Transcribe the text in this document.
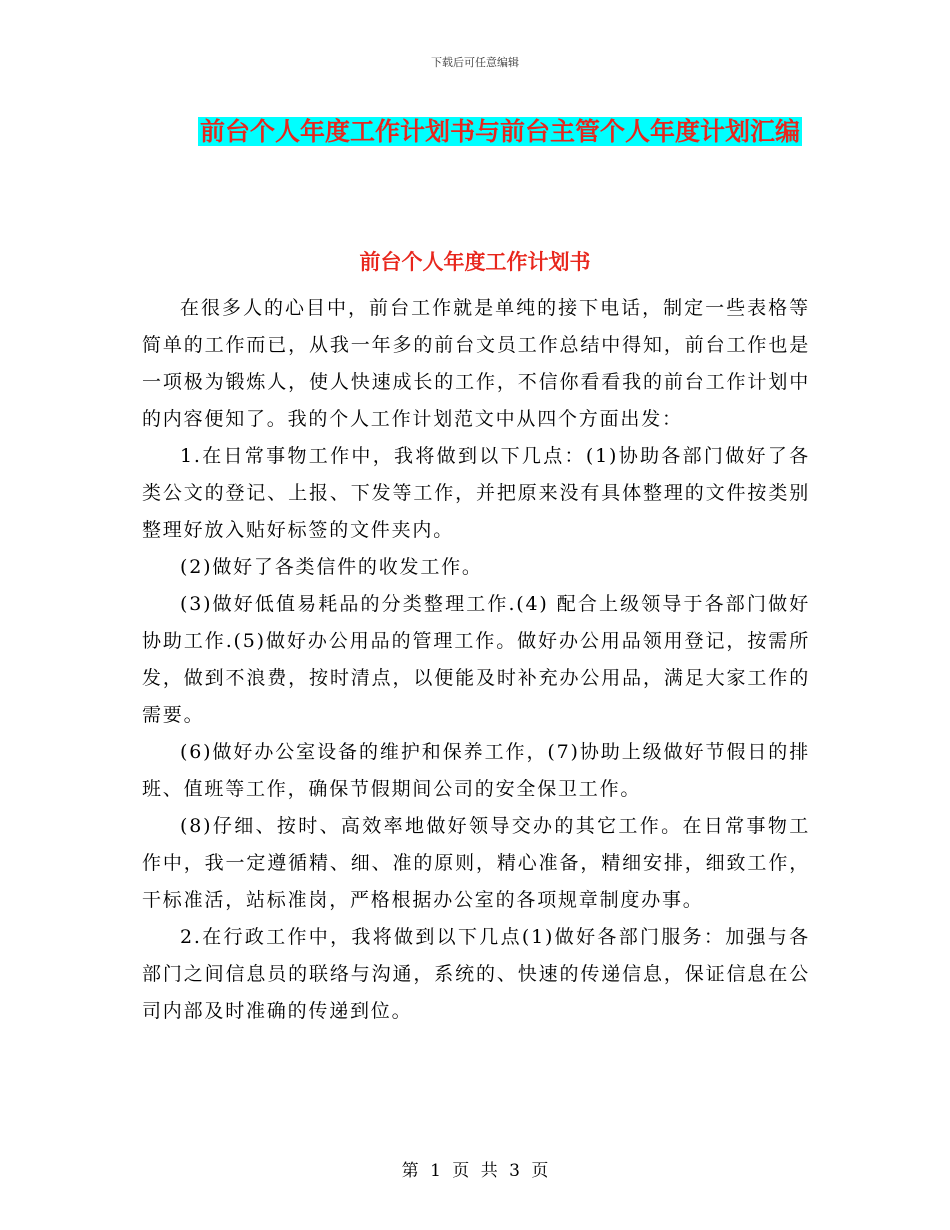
下载后可任意编辑
前台个人年度工作计划书与前台主管个人年度计划汇编
前台个人年度工作计划书

在很多人的心目中，前台工作就是单纯的接下电话，制定一些表格等简单的工作而已，从我一年多的前台文员工作总结中得知，前台工作也是一项极为锻炼人，使人快速成长的工作，不信你看看我的前台工作计划中的内容便知了。我的个人工作计划范文中从四个方面出发：

1.在日常事物工作中，我将做到以下几点：(1)协助各部门做好了各类公文的登记、上报、下发等工作，并把原来没有具体整理的文件按类别整理好放入贴好标签的文件夹内。

(2)做好了各类信件的收发工作。

(3)做好低值易耗品的分类整理工作.(4) 配合上级领导于各部门做好协助工作.(5)做好办公用品的管理工作。做好办公用品领用登记，按需所发，做到不浪费，按时清点，以便能及时补充办公用品，满足大家工作的需要。

(6)做好办公室设备的维护和保养工作，(7)协助上级做好节假日的排班、值班等工作，确保节假期间公司的安全保卫工作。

(8)仔细、按时、高效率地做好领导交办的其它工作。在日常事物工作中，我一定遵循精、细、准的原则，精心准备，精细安排，细致工作，干标准活，站标准岗，严格根据办公室的各项规章制度办事。

2.在行政工作中，我将做到以下几点(1)做好各部门服务：加强与各部门之间信息员的联络与沟通，系统的、快速的传递信息，保证信息在公司内部及时准确的传递到位。

第 1 页 共 3 页
